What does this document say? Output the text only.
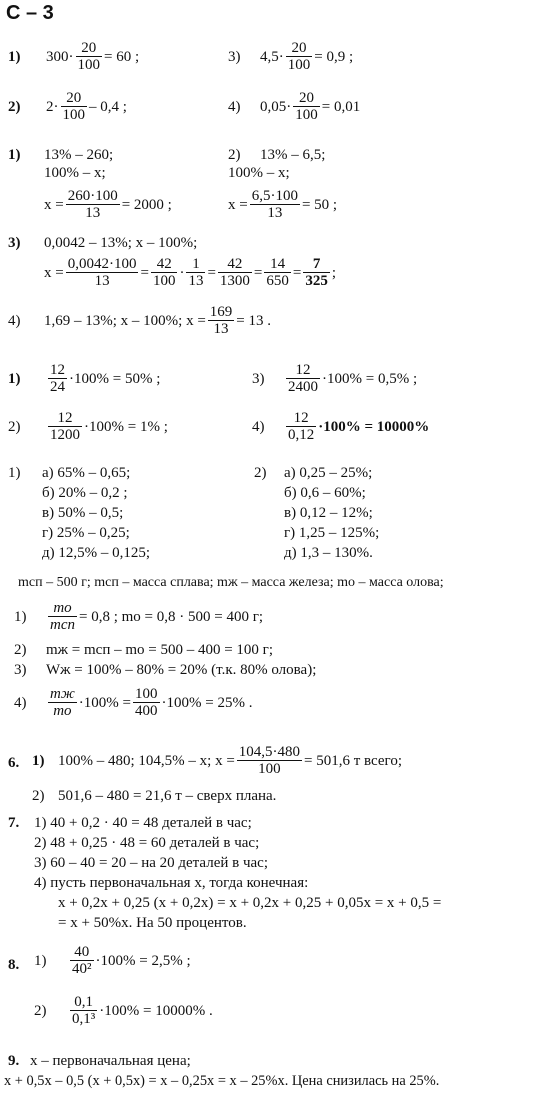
С – 3
1) $300\cdot \frac{20}{100} = 60$ ;	3) $4,5\cdot \frac{20}{100} = 0,9$ ;
2) $2\cdot \frac{20}{100} - 0,4$ ;	4) $0,05\cdot \frac{20}{100} = 0,01$
1) 13% – 260;
100% – x;
$x = \frac{260\cdot 100}{13} = 2000$ ;
2) 13% – 6,5;
100% – x;
$x = \frac{6,5\cdot 100}{13} = 50$ ;
3) 0,0042 – 13%; x – 100%;
$x = \frac{0,0042\cdot 100}{13} = \frac{42}{100} \cdot \frac{1}{13} = \frac{42}{1300} = \frac{14}{650} = \frac{7}{325}$ ;
4) 1,69 – 13%; x – 100%; $x = \frac{169}{13} = 13$ .
$1) \frac{12}{24} \cdot 100\% = 50\%$ ;	$3) \frac{12}{2400} \cdot 100\% = 0,5\%$ ;
$2) \frac{12}{1200} \cdot 100\% = 1\%$ ;	$4) \frac{12}{0,12} \cdot 100\% = 10000\%$
1) а) 65% – 0,65;
б) 20% – 0,2 ;
в) 50% – 0,5;
г) 25% – 0,25;
д) 12,5% – 0,125;
2) а) 0,25 – 25%;
б) 0,6 – 60%;
в) 0,12 – 12%;
г) 1,25 – 125%;
д) 1,3 – 130%.
mсп – 500 г; mсп – масса сплава; mж – масса железа; mо – масса олова;
$1) \frac{mо}{\text{mсп}} = 0,8$ ; mо = 0,8 · 500 = 400 г;
2) mж = mсп – mо = 500 – 400 = 100 г;
3) Wж = 100% – 80% = 20% (т.к. 80% олова);
$4) \frac{mж}{mо} \cdot 100\% = \frac{100}{400} \cdot 100\% = 25\%$ .
6. 1) 100% – 480; 104,5% – x; $x = \frac{104,5\cdot 480}{100} = 501,6$ т всего;
2) 501,6 – 480 = 21,6 т – сверх плана.
7. 1) 40 + 0,2 · 40 = 48 деталей в час;
2) 48 + 0,25 · 48 = 60 деталей в час;
3) 60 – 40 = 20 – на 20 деталей в час;
4) пусть первоначальная x, тогда конечная:
x + 0,2x + 0,25 (x + 0,2x) = x + 0,2x + 0,25 + 0,05x = x + 0,5 =
= x + 50%x. На 50 процентов.
8. $1) \frac{40}{\text{40²}} \cdot 100\% = 2,5\%$ ;
$2) \frac{0,1}{\text{0,1³}} \cdot 100\% = 10000\%$ .
9. x – первоначальная цена;
x + 0,5x – 0,5 (x + 0,5x) = x – 0,25x = x – 25%x. Цена снизилась на 25%.
